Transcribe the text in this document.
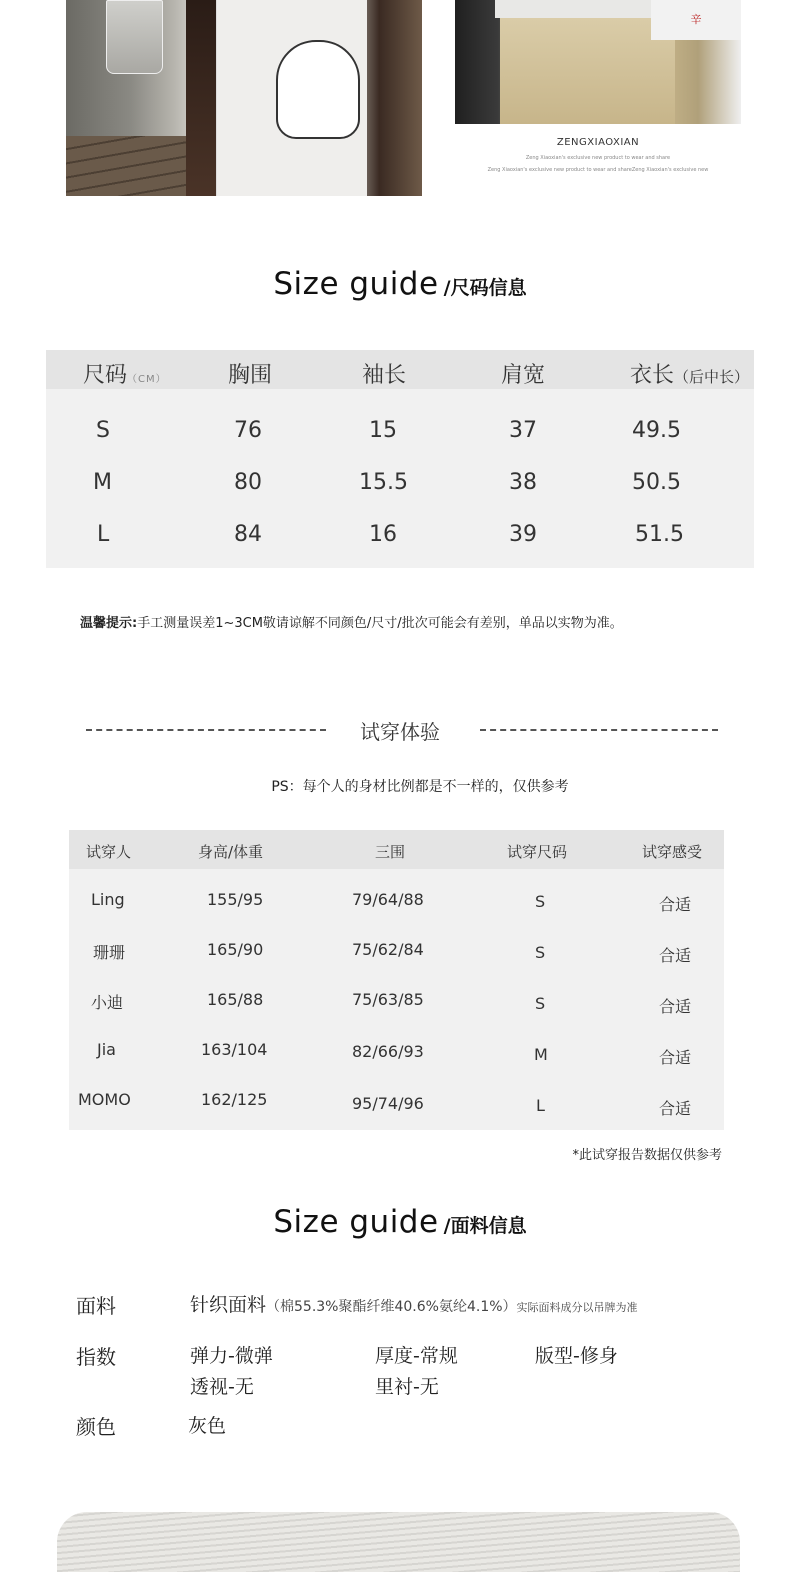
辛
ZENGXIAOXIAN
Zeng Xiaoxian's exclusive new product to wear and share
Zeng Xiaoxian's exclusive new product to wear and shareZeng Xiaoxian's exclusive new
Size guide /尺码信息
尺码（CM）	胸围	袖长	肩宽	衣长（后中长）
S	76	15	37	49.5
M	80	15.5	38	50.5
L	84	16	39	51.5
温馨提示:手工测量误差1~3CM敬请谅解不同颜色/尺寸/批次可能会有差别，单品以实物为准。
试穿体验
PS：每个人的身材比例都是不一样的，仅供参考
试穿人	身高/体重	三围	试穿尺码	试穿感受
Ling	155/95	79/64/88	S	合适
珊珊	165/90	75/62/84	S	合适
小迪	165/88	75/63/85	S	合适
Jia	163/104	82/66/93	M	合适
MOMO	162/125	95/74/96	L	合适
*此试穿报告数据仅供参考
Size guide /面料信息
面料	针织面料（棉55.3%聚酯纤维40.6%氨纶4.1%）实际面料成分以吊牌为准
指数	弹力-微弹	厚度-常规	版型-修身
透视-无	里衬-无
颜色	灰色
